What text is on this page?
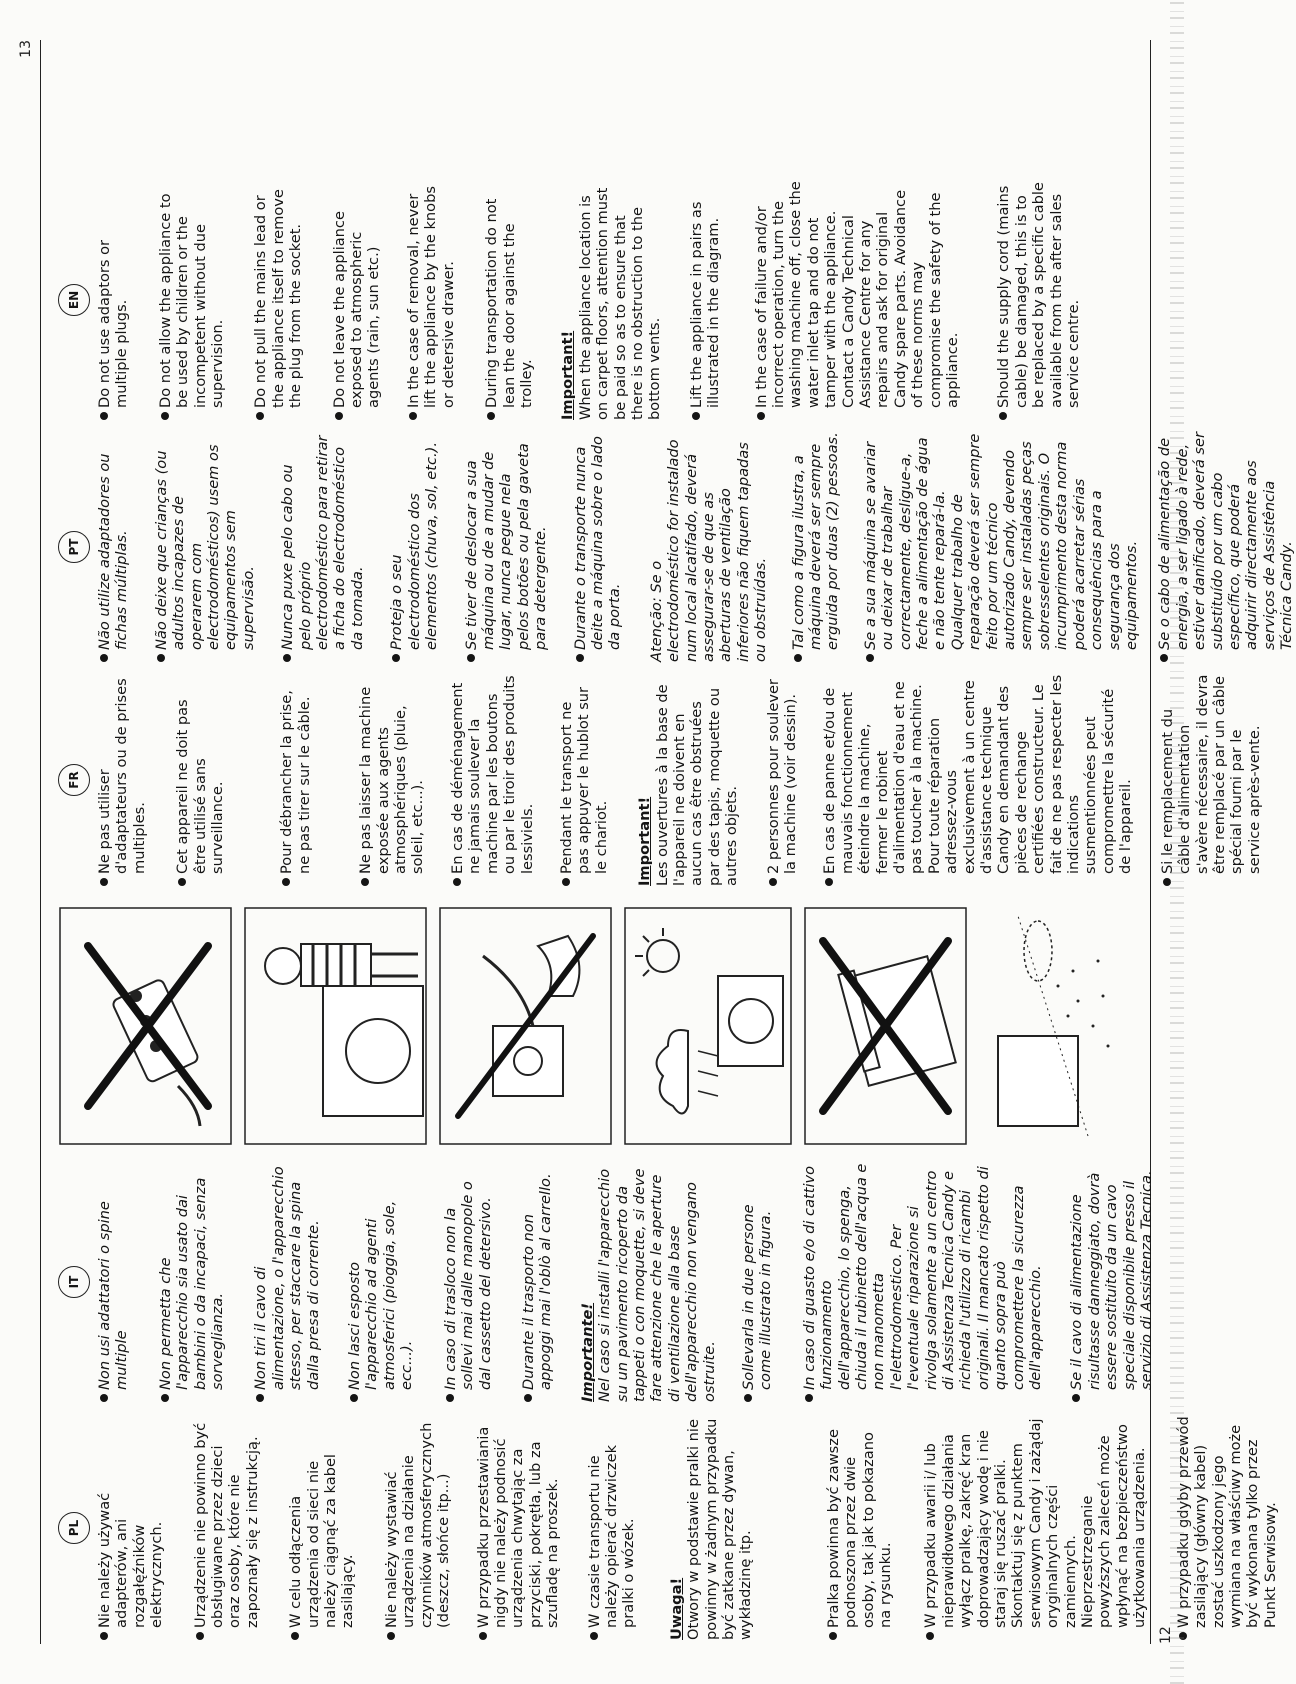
12
13
PL	Nie należy używać adapterów, ani rozgałęźników elektrycznych. Urządzenie nie powinno być obsługiwane przez dzieci oraz osoby, które nie zapoznały się z instrukcją. W celu odłączenia urządzenia od sieci nie należy ciągnąć za kabel zasilający. Nie należy wystawiać urządzenia na działanie czynników atmosferycznych (deszcz, słońce itp...) W przypadku przestawiania nigdy nie należy podnosić urządzenia chwytając za przyciski, pokrętła, lub za szufladę na proszek. W czasie transportu nie należy opierać drzwiczek pralki o wózek. Uwaga! Otwory w podstawie pralki nie powinny w żadnym przypadku być zatkane przez dywan, wykładzinę itp.	Pralka powinna być zawsze podnoszona przez dwie osoby, tak jak to pokazano na rysunku. W przypadku awarii i/ lub nieprawidłowego działania wyłącz pralkę, zakręć kran doprowadzający wodę i nie staraj się ruszać pralki. Skontaktuj się z punktem serwisowym Candy i zażądaj oryginalnych części zamiennych. Nieprzestrzeganie powyższych zaleceń może wpłynąć na bezpieczeństwo użytkowania urządzenia. W przypadku gdyby przewód zasilający (główny kabel) zostać uszkodzony jego wymiana na właściwy może być wykonana tylko przez Punkt Serwisowy.

IT	Non usi adattatori o spine multiple Non permetta che l'apparecchio sia usato dai bambini o da incapaci, senza sorveglianza. Non tiri il cavo di alimentazione, o l'apparecchio stesso, per staccare la spina dalla presa di corrente. Non lasci esposto l'apparecchio ad agenti atmosferici (pioggia, sole, ecc...). In caso di trasloco non la sollevi mai dalle manopole o dal cassetto del detersivo. Durante il trasporto non appoggi mai l'oblò al carrello. Importante! Nel caso si installi l'apparecchio su un pavimento ricoperto da tappeti o con moquette, si deve fare attenzione che le aperture di ventilazione alla base dell'apparecchio non vengano ostruite. Sollevarla in due persone come illustrato in figura. In caso di guasto e/o di cattivo funzionamento dell'apparecchio, lo spenga, chiuda il rubinetto dell'acqua e non manometta l'elettrodomestico. Per l'eventuale riparazione si rivolga solamente a un centro di Assistenza Tecnica Candy e richieda l'utilizzo di ricambi originali. Il mancato rispetto di quanto sopra può compromettere la sicurezza dell'apparecchio. Se il cavo di alimentazione risultasse danneggiato, dovrà essere sostituito da un cavo speciale disponibile presso il servizio di Assistenza Tecnica.

FR	Ne pas utiliser d'adaptateurs ou de prises multiples. Cet appareil ne doit pas être utilisé sans surveillance.	Pour débrancher la prise, ne pas tirer sur le câble.	Ne pas laisser la machine exposée aux agents atmosphériques (pluie, soleil, etc...). En cas de déménagement ne jamais soulever la machine par les boutons ou par le tiroir des produits lessiviels. Pendant le transport ne pas appuyer le hublot sur le chariot. Important! Les ouvertures à la base de l'appareil ne doivent en aucun cas être obstruées par des tapis, moquette ou autres objets. 2 personnes pour soulever la machine (voir dessin). En cas de panne et/ou de mauvais fonctionnement éteindre la machine, fermer le robinet d'alimentation d'eau et ne pas toucher à la machine. Pour toute réparation adressez-vous exclusivement à un centre d'assistance technique Candy en demandant des pièces de rechange certifiées constructeur. Le fait de ne pas respecter les indications susmentionnées peut compromettre la sécurité de l'appareil. Si le remplacement du câble d'alimentation s'avère nécessaire, il devra être remplacé par un câble spécial fourni par le service après-vente.

PT	Não utilize adaptadores ou fichas múltiplas. Não deixe que crianças (ou adultos incapazes de operarem com electrodomésticos) usem os equipamentos sem supervisão. Nunca puxe pelo cabo ou pelo próprio electrodoméstico para retirar a ficha do electrodoméstico da tomada. Proteja o seu electrodoméstico dos elementos (chuva, sol, etc.). Se tiver de deslocar a sua máquina ou de a mudar de lugar, nunca pegue nela pelos botões ou pela gaveta para detergente. Durante o transporte nunca deite a máquina sobre o lado da porta. Atenção: Se o electrodoméstico for instalado num local alcatifado, deverá assegurar-se de que as aberturas de ventilação inferiores não fiquem tapadas ou obstruídas. Tal como a figura ilustra, a máquina deverá ser sempre erguida por duas (2) pessoas. Se a sua máquina se avariar ou deixar de trabalhar correctamente, desligue-a, feche a alimentação de água e não tente repará-la. Qualquer trabalho de reparação deverá ser sempre feito por um técnico autorizado Candy, devendo sempre ser instaladas peças sobresselentes originais. O incumprimento desta norma poderá acarretar sérias consequências para a segurança dos equipamentos. Se o cabo de alimentação de energia, a ser ligado à rede, estiver danificado, deverá ser substituído por um cabo específico, que poderá adquirir directamente aos serviços de Assistência Técnica Candy.

EN	Do not use adaptors or multiple plugs. Do not allow the appliance to be used by children or the incompetent without due supervision. Do not pull the mains lead or the appliance itself to remove the plug from the socket. Do not leave the appliance exposed to atmospheric agents (rain, sun etc.) In the case of removal, never lift the appliance by the knobs or detersive drawer. During transportation do not lean the door against the trolley. Important! When the appliance location is on carpet floors, attention must be paid so as to ensure that there is no obstruction to the bottom vents. Lift the appliance in pairs as illustrated in the diagram. In the case of failure and/or incorrect operation, turn the washing machine off, close the water inlet tap and do not tamper with the appliance. Contact a Candy Technical Assistance Centre for any repairs and ask for original Candy spare parts. Avoidance of these norms may compromise the safety of the appliance. Should the supply cord (mains cable) be damaged, this is to be replaced by a specific cable available from the after sales service centre.
